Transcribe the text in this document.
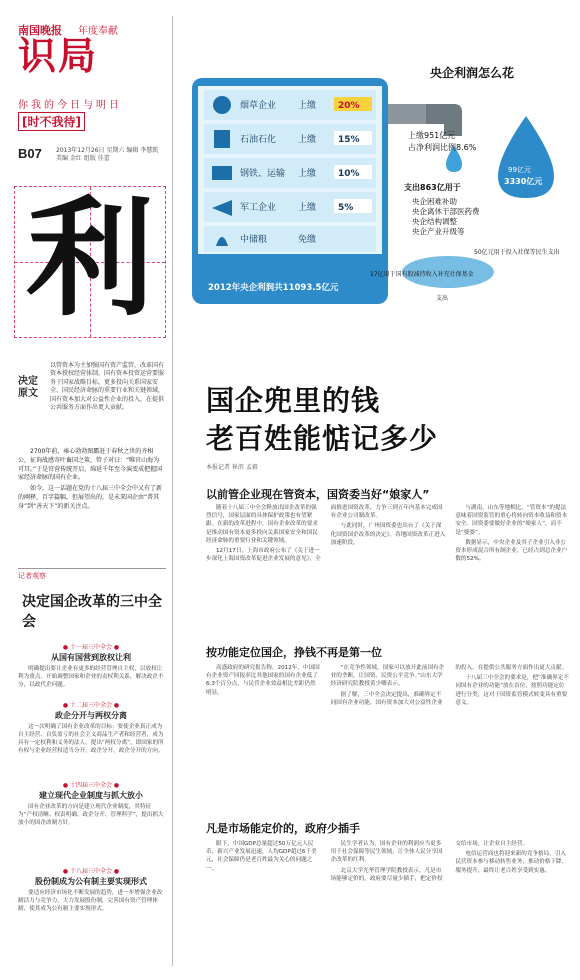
南国晚报 年度奉献
识局
你我的今日与明日
[时不我待]
B07 2013年12月26日 星期六 编辑 李慧凯 美编 金红 组版 佳蕾
利
决定原文
以管资本为主加强国有资产监管，改革国有资本授权经营体制，国有资本投资运营要服务于国家战略目标，更多投向关系国家安全、国民经济命脉的重要行业和关键领域，国有资本加大对公益性企业的投入，在提供公共服务方面作出更大贡献。

2700年前，雍心勃勃图霸赶于春秋之世的齐相公，征询战感寄叶畜国之策，管子对曰：“唯官山海为可耳。”于是官营传统开启，绵延千年至今演变成把握国家经济命脉的国有企业。

如今，这一话题在党的十八届三中全会中又有了新的阐释，百字篇幅，但展望出的，是未来国企由“普其身”到“善天下”的新关注点。

记者观察
决定国企改革的三中全会
● 十一届三中全会 ●
从国有国营到放权让利
明确提出要让企业有更多的经营管理自主权，以放权让利为重点，开始调整国家和企业的责权利关系，解决政企不分，以政代企问题。
● 十二届三中全会 ●
政企分开与两权分离
这一次明确了国有企业改革的目标：要使企业真正成为自主经营、自负盈亏的社会主义商品生产者和经营者，成为具有一定权利和义务的法人，提出“两权分离”，即国家的所有权与企业经营权适当分开，政企分开，政企分开的方向。
● 十四届三中全会 ●
建立现代企业制度与抓大放小
国有企业改革的方向是建立现代企业制度，其特征为“产权清晰、权责明确、政企分开、管理科学”，提出抓大放小的国企改制方针。
● 十八届三中全会 ●
股份制成为公有制主要实现形式
要适应经济市场化不断发展的趋势，进一步增强企业改制活力与竞争力，大力发展股份制，完善国有资产管理体制，使其成为公有制主要实现形式。
央企利润怎么花
烟草企业 上缴 20%
石油石化 上缴 15%
钢铁、运输 上缴 10%
军工企业 上缴 5%
中储粮	免缴
2012年央企利润共11093.5亿元
上缴951亿元
占净利润比例8.6%
99亿元
3330亿元
支出863亿用于
央企困难补助
央企离休干部医药费
央企结构调整
央企产业升级等
17亿用于国有股减持收入补充社保基金
50亿元用于投入社保等民生支出
支出
国企兜里的钱
老百姓能惦记多少
本报记者 崔滨 孟毅
以前管企业现在管资本，国资委当好“娘家人”

随着十八届三中全会释放出国企改革的强烈信号，国家层面的具体保护政策也有望紧跟。在新的改革进程中，国有企业改革的要求是推动国有资本更多投向关系国家安全和国民经济命脉的重要行业和关键领域。

12月17日，上海市政府公布了《关于进一步深化上海国资改革促进企业发展的意见》，全面推进国资改革，力争三到五年内基本完成国有企业公司制改革。

与此同时，广州国资委也出台了《关于深化国资国企改革的决定》。各地国资改革正进入加速阶段。

与湖南，山东等地相比，“管资本”的提法意味着国资监管的重心将转向资本收益和资本安全。国资委要做好企业的“娘家人”，而不是“婆婆”。

数据显示，中央企业及其子企业引入非公资本形成混合所有制企业，已经占到总企业户数的52%。

按功能定位国企，挣钱不再是第一位

高盛政府的研究报告称，2012年，中国国有企业资产回报率比其他国家的国有企业低了6.3个百分点，与民营企业效益相比差距仍然明显。

“在竞争性领域，国家可以放开此前国有企业的垄断，让国资、民资公平竞争。”山东大学经济研究院教授黄少卿表示。

据了解，三中全会决定提出，准确界定不同国有企业功能。国有资本加大对公益性企业的投入，在提供公共服务方面作出更大贡献。

十八届三中全会的要求是，把“准确界定不同国有企业的功能”放在首位，按照功能定位进行分类，这对于国资监管模式转变具有重要意义。

凡是市场能定价的，政府少插手

眼下，中国GDP总量超过50万亿元人民币，新兴产业发展迅速，人均GDP超过6千美元，社会保障仍是老百姓最为关心的问题之一。

民生学者认为，国有企业的利润应当更多用于社会保障等民生领域，让全体人民分享国企改革的红利。

北京大学光华管理学院教授表示，凡是市场能够定价的，政府要尽量少插手，把定价权交给市场，让企业自主经营。

电信运营商也将迎来新的竞争格局，引入民营资本参与移动转售业务，推动价格下降、服务提升，最终让老百姓享受到实惠。
